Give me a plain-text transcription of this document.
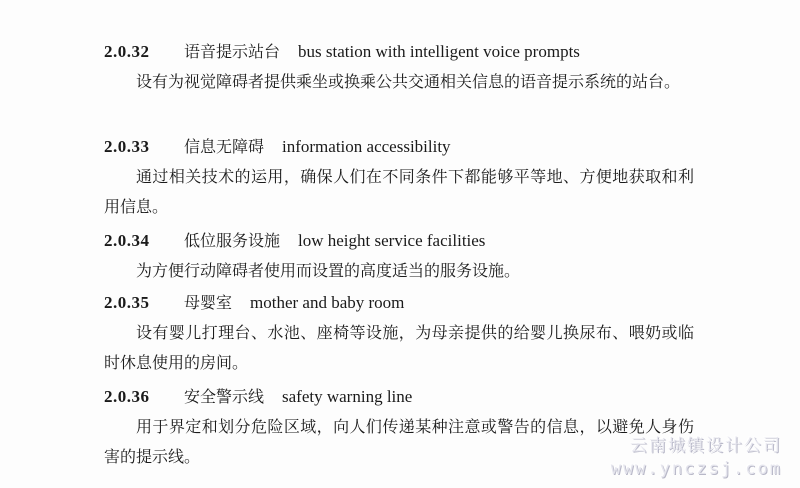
2.0.32 语音提示站台 bus station with intelligent voice prompts

设有为视觉障碍者提供乘坐或换乘公共交通相关信息的语音提示系统的站台。

2.0.33 信息无障碍 information accessibility

通过相关技术的运用，确保人们在不同条件下都能够平等地、方便地获取和利用信息。

2.0.34 低位服务设施 low height service facilities

为方便行动障碍者使用而设置的高度适当的服务设施。

2.0.35 母婴室 mother and baby room

设有婴儿打理台、水池、座椅等设施，为母亲提供的给婴儿换尿布、喂奶或临时休息使用的房间。

2.0.36 安全警示线 safety warning line

用于界定和划分危险区域，向人们传递某种注意或警告的信息，以避免人身伤害的提示线。

云南城镇设计公司
www.ynczsj.com
